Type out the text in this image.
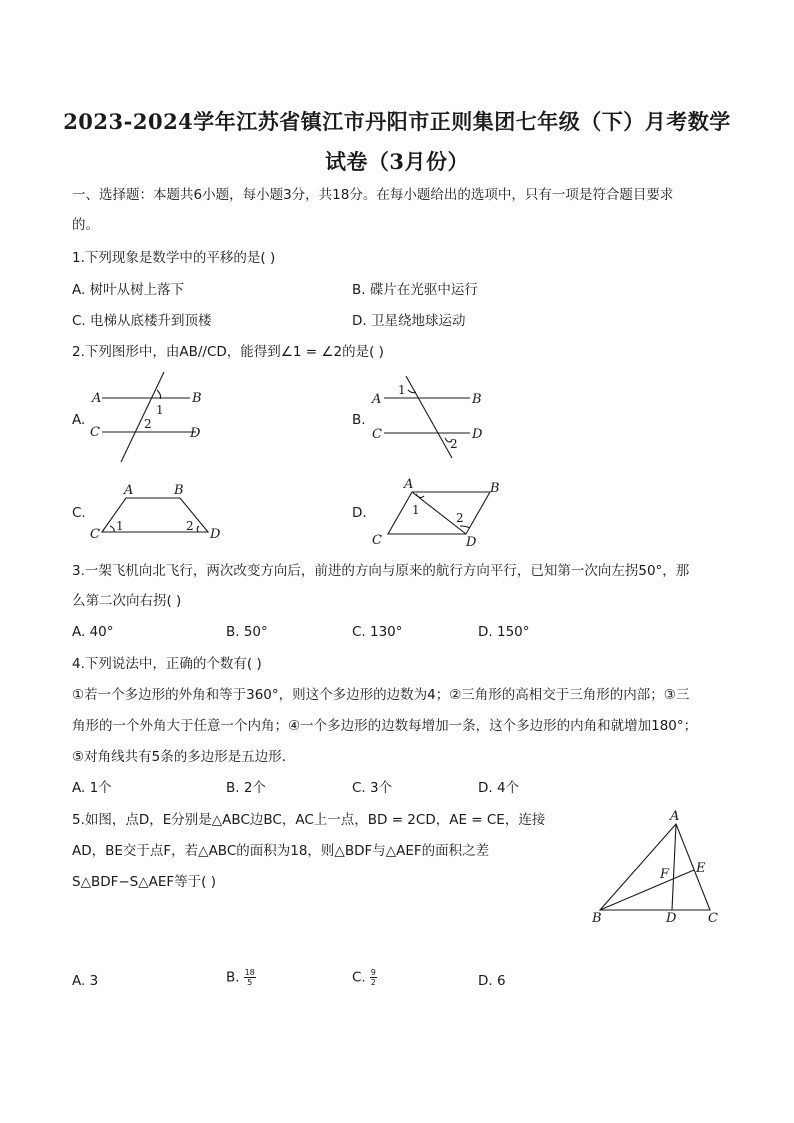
2023-2024学年江苏省镇江市丹阳市正则集团七年级（下）月考数学
试卷（3月份）
一、选择题：本题共6小题，每小题3分，共18分。在每小题给出的选项中，只有一项是符合题目要求
的。
1.下列现象是数学中的平移的是( )
A. 树叶从树上落下	B. 碟片在光驱中运行
C. 电梯从底楼升到顶楼	D. 卫星绕地球运动
2.下列图形中，由AB//CD，能得到∠1 = ∠2的是( )
A.
A	B
C	D
1
2	B.
A	B
C	D
1
2
C.
A	B
C	D
1	2
D.
A	B
C	D
1
2
3.一架飞机向北飞行，两次改变方向后，前进的方向与原来的航行方向平行，已知第一次向左拐50°，那
么第二次向右拐( )
A. 40°	B. 50°	C. 130°	D. 150°
4.下列说法中，正确的个数有( )
①若一个多边形的外角和等于360°，则这个多边形的边数为4；②三角形的高相交于三角形的内部；③三
角形的一个外角大于任意一个内角；④一个多边形的边数每增加一条，这个多边形的内角和就增加180°；
⑤对角线共有5条的多边形是五边形．
A. 1个	B. 2个	C. 3个	D. 4个
5.如图，点D，E分别是△ABC边BC，AC上一点，BD = 2CD，AE = CE，连接
AD，BE交于点F，若△ABC的面积为18，则△BDF与△AEF的面积之差
S△BDF−S△AEF等于( )
A
B	C
D
E
F
A. 3	B. $\frac{18}{5}$	C. $\frac{9}{2}$	D. 6
